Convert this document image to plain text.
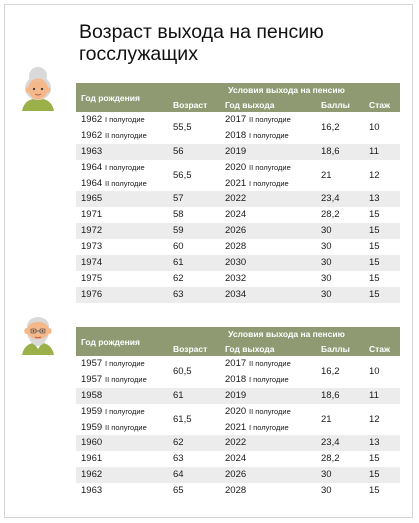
Возраст выхода на пенсию госслужащих
Год рождения	Условия выхода на пенсию			
	Возраст	Год выхода	Баллы	Стаж
1962 I полугодие	55,5	2017 II полугодие	16,2	10
1962 II полугодие		2018 I полугодие		
1963	56	2019	18,6	11
1964 I полугодие	56,5	2020 II полугодие	21	12
1964 II полугодие		2021 I полугодие		
1965	57	2022	23,4	13
1971	58	2024	28,2	15
1972	59	2026	30	15
1973	60	2028	30	15
1974	61	2030	30	15
1975	62	2032	30	15
1976	63	2034	30	15
Год рождения	Условия выхода на пенсию			
	Возраст	Год выхода	Баллы	Стаж
1957 I полугодие	60,5	2017 II полугодие	16,2	10
1957 II полугодие		2018 I полугодие		
1958	61	2019	18,6	11
1959 I полугодие	61,5	2020 II полугодие	21	12
1959 II полугодие		2021 I полугодие		
1960	62	2022	23,4	13
1961	63	2024	28,2	15
1962	64	2026	30	15
1963	65	2028	30	15
